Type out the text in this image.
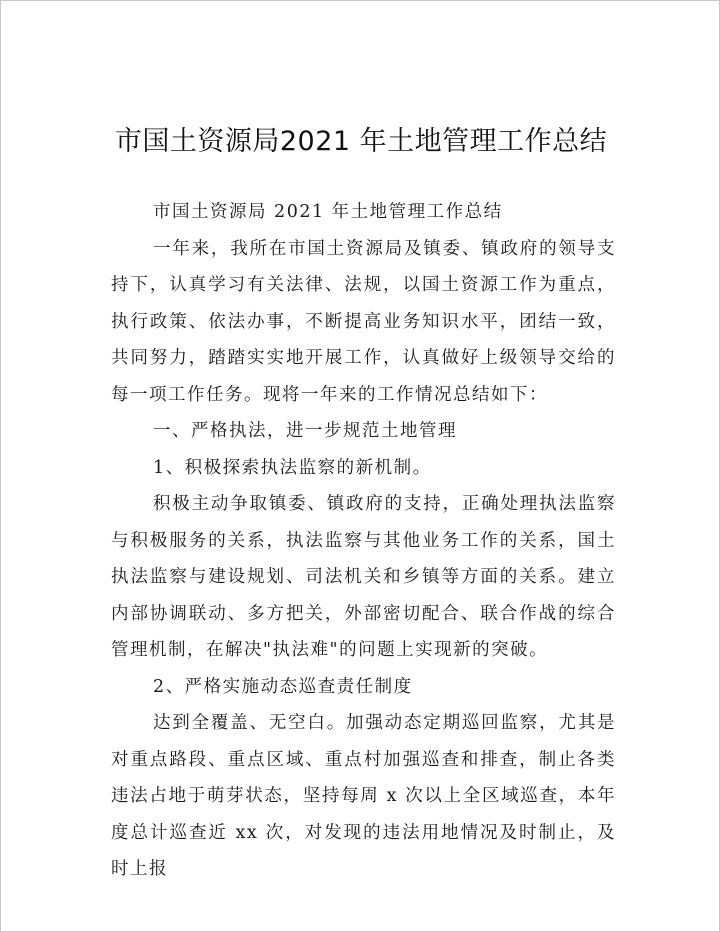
市国土资源局2021 年土地管理工作总结

市国土资源局 2021 年土地管理工作总结

一年来，我所在市国土资源局及镇委、镇政府的领导支持下，认真学习有关法律、法规，以国土资源工作为重点，执行政策、依法办事，不断提高业务知识水平，团结一致，共同努力，踏踏实实地开展工作，认真做好上级领导交给的每一项工作任务。现将一年来的工作情况总结如下：

一、严格执法，进一步规范土地管理

1、积极探索执法监察的新机制。

积极主动争取镇委、镇政府的支持，正确处理执法监察与积极服务的关系，执法监察与其他业务工作的关系，国土执法监察与建设规划、司法机关和乡镇等方面的关系。建立内部协调联动、多方把关，外部密切配合、联合作战的综合管理机制，在解决"执法难"的问题上实现新的突破。

2、严格实施动态巡查责任制度

达到全覆盖、无空白。加强动态定期巡回监察，尤其是对重点路段、重点区域、重点村加强巡查和排查，制止各类违法占地于萌芽状态，坚持每周 x 次以上全区域巡查，本年度总计巡查近 xx 次，对发现的违法用地情况及时制止，及时上报
